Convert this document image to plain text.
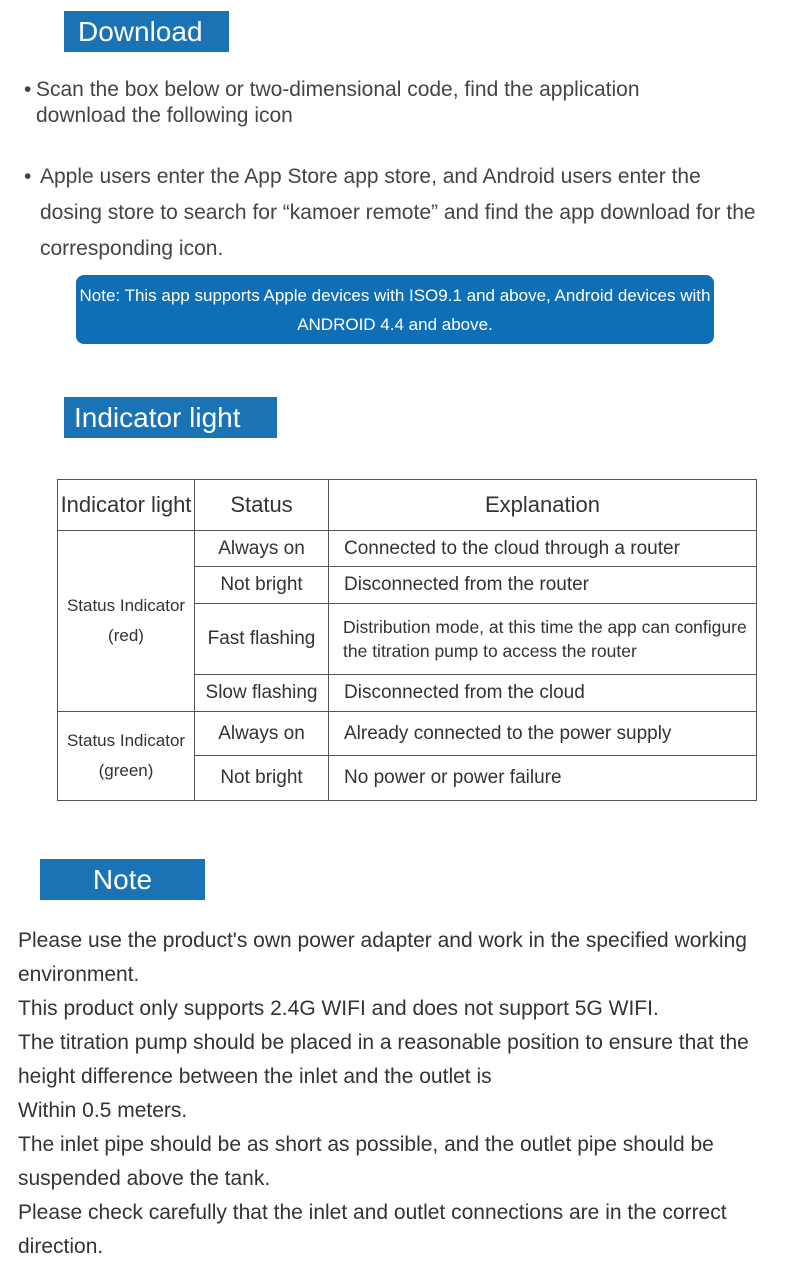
Download
• Scan the box below or two-dimensional code, find the application download the following icon
• Apple users enter the App Store app store, and Android users enter the dosing store to search for “kamoer remote” and find the app download for the corresponding icon.
Note: This app supports Apple devices with ISO9.1 and above, Android devices with ANDROID 4.4 and above.
Indicator light
Indicator light	Status	Explanation
Status Indicator (red)	Always on	Connected to the cloud through a router
	Not bright	Disconnected from the router
	Fast flashing	Distribution mode, at this time the app can configure the titration pump to access the router
	Slow flashing	Disconnected from the cloud
Status Indicator (green)	Always on	Already connected to the power supply
	Not bright	No power or power failure
Note

Please use the product's own power adapter and work in the specified working environment.

This product only supports 2.4G WIFI and does not support 5G WIFI.

The titration pump should be placed in a reasonable position to ensure that the height difference between the inlet and the outlet is

Within 0.5 meters.

The inlet pipe should be as short as possible, and the outlet pipe should be suspended above the tank.

Please check carefully that the inlet and outlet connections are in the correct direction.
